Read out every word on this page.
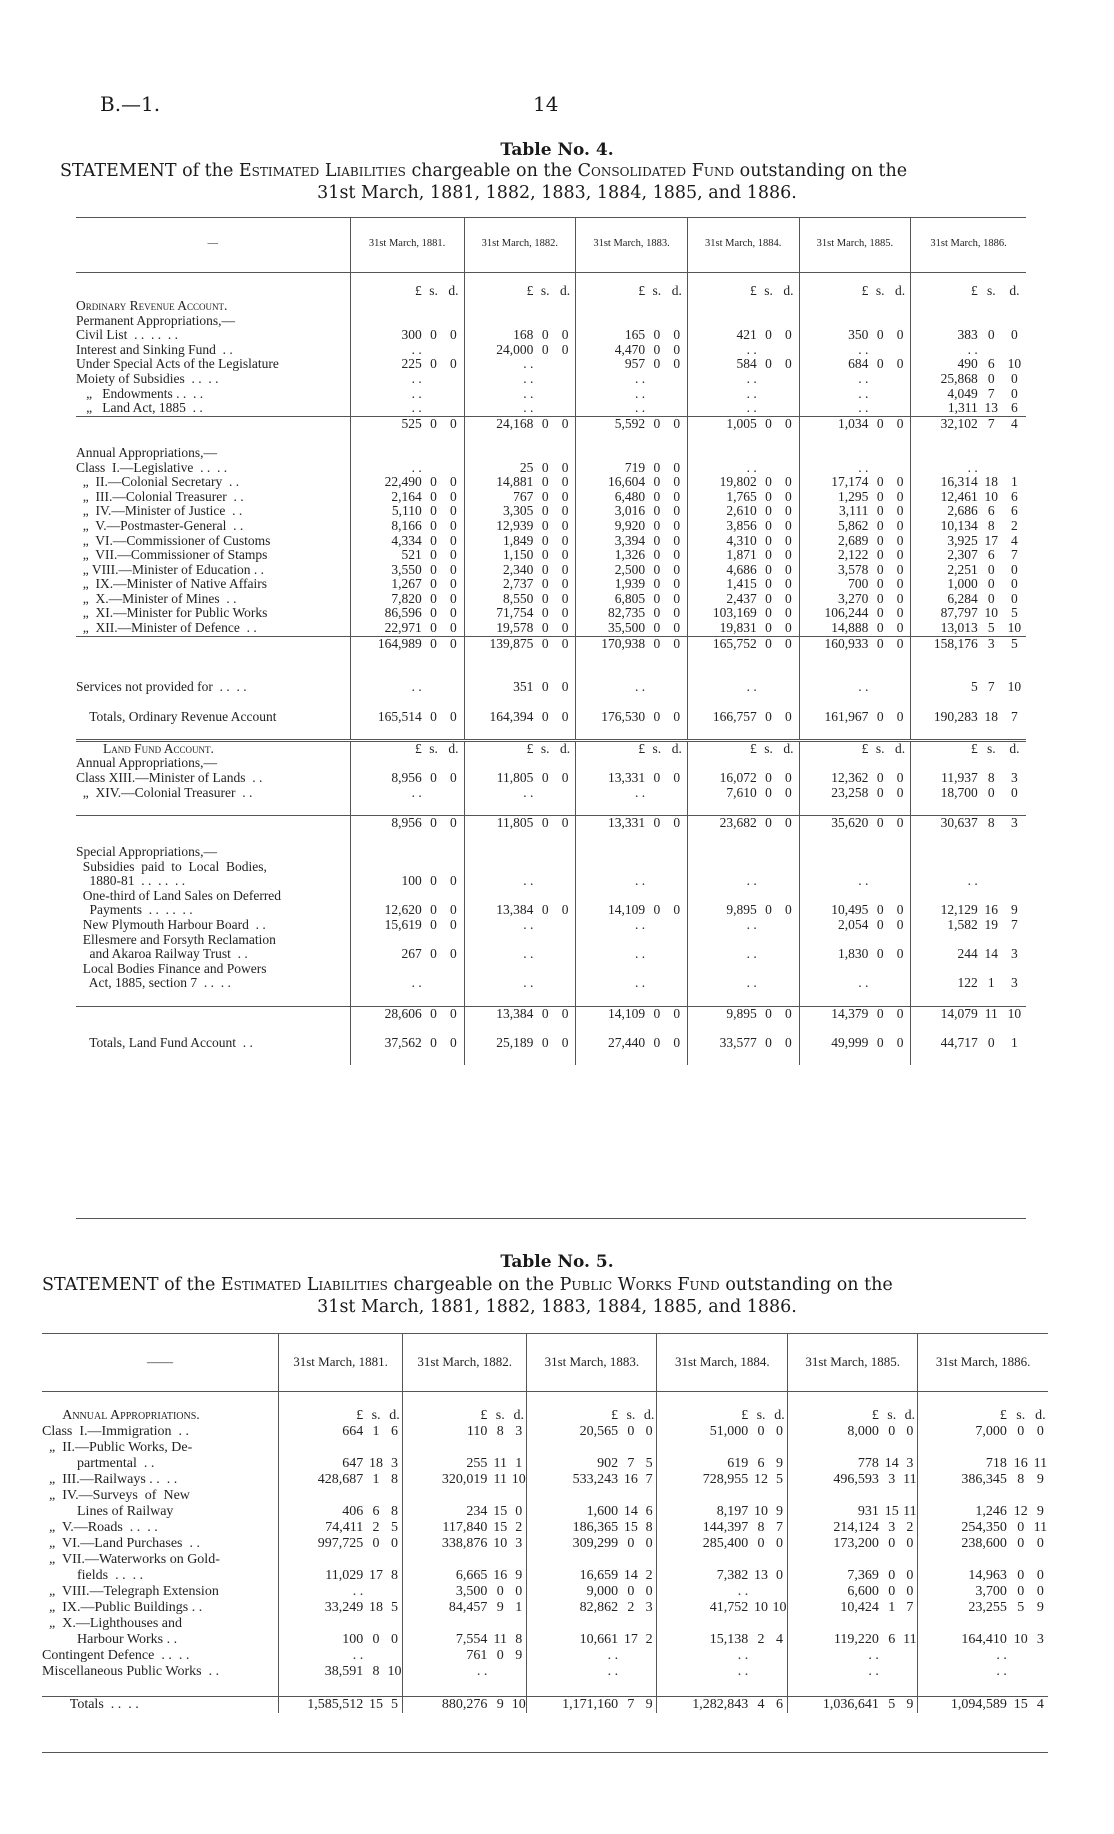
B.—1.	14
Table No. 4.
STATEMENT of the Estimated Liabilities chargeable on the Consolidated Fund outstanding on the
31st March, 1881, 1882, 1883, 1884, 1885, and 1886.
—	31st March, 1881.			31st March, 1882.			31st March, 1883.			31st March, 1884.			31st March, 1885.			31st March, 1886.		
	£	s.	d.	£	s.	d.	£	s.	d.	£	s.	d.	£	s.	d.	£	s.	d.
Ordinary Revenue Account.																		
Permanent Appropriations,—																		
Civil List  . .  . .  . .	300	0	0	168	0	0	165	0	0	421	0	0	350	0	0	383	0	0
Interest and Sinking Fund  . .	. .			24,000	0	0	4,470	0	0	. .			. .			. .		
Under Special Acts of the Legislature	225	0	0	. .			957	0	0	584	0	0	684	0	0	490	6	10
Moiety of Subsidies  . .  . .	. .			. .			. .			. .			. .			25,868	0	0
„   Endowments . .  . .	. .			. .			. .			. .			. .			4,049	7	0
„   Land Act, 1885  . .	. .			. .			. .			. .			. .			1,311	13	6
	525	0	0	24,168	0	0	5,592	0	0	1,005	0	0	1,034	0	0	32,102	7	4

Annual Appropriations,—																		
Class  I.—Legislative  . .  . .	. .			25	0	0	719	0	0	. .			. .			. .		
„  II.—Colonial Secretary  . .	22,490	0	0	14,881	0	0	16,604	0	0	19,802	0	0	17,174	0	0	16,314	18	1
„  III.—Colonial Treasurer  . .	2,164	0	0	767	0	0	6,480	0	0	1,765	0	0	1,295	0	0	12,461	10	6
„  IV.—Minister of Justice  . .	5,110	0	0	3,305	0	0	3,016	0	0	2,610	0	0	3,111	0	0	2,686	6	6
„  V.—Postmaster-General  . .	8,166	0	0	12,939	0	0	9,920	0	0	3,856	0	0	5,862	0	0	10,134	8	2
„  VI.—Commissioner of Customs	4,334	0	0	1,849	0	0	3,394	0	0	4,310	0	0	2,689	0	0	3,925	17	4
„  VII.—Commissioner of Stamps	521	0	0	1,150	0	0	1,326	0	0	1,871	0	0	2,122	0	0	2,307	6	7
„ VIII.—Minister of Education . .	3,550	0	0	2,340	0	0	2,500	0	0	4,686	0	0	3,578	0	0	2,251	0	0
„  IX.—Minister of Native Affairs	1,267	0	0	2,737	0	0	1,939	0	0	1,415	0	0	700	0	0	1,000	0	0
„  X.—Minister of Mines  . .	7,820	0	0	8,550	0	0	6,805	0	0	2,437	0	0	3,270	0	0	6,284	0	0
„  XI.—Minister for Public Works	86,596	0	0	71,754	0	0	82,735	0	0	103,169	0	0	106,244	0	0	87,797	10	5
„  XII.—Minister of Defence  . .	22,971	0	0	19,578	0	0	35,500	0	0	19,831	0	0	14,888	0	0	13,013	5	10
	164,989	0	0	139,875	0	0	170,938	0	0	165,752	0	0	160,933	0	0	158,176	3	5

Services not provided for  . .  . .	. .			351	0	0	. .			. .			. .			5	7	10

Totals, Ordinary Revenue Account	165,514	0	0	164,394	0	0	176,530	0	0	166,757	0	0	161,967	0	0	190,283	18	7

Land Fund Account.	£	s.	d.	£	s.	d.	£	s.	d.	£	s.	d.	£	s.	d.	£	s.	d.
Annual Appropriations,—																		
Class XIII.—Minister of Lands  . .	8,956	0	0	11,805	0	0	13,331	0	0	16,072	0	0	12,362	0	0	11,937	8	3
„  XIV.—Colonial Treasurer  . .	. .			. .			. .			7,610	0	0	23,258	0	0	18,700	0	0

	8,956	0	0	11,805	0	0	13,331	0	0	23,682	0	0	35,620	0	0	30,637	8	3

Special Appropriations,—																		
Subsidies  paid  to  Local  Bodies,																		
1880-81  . .  . .  . .	100	0	0	. .			. .			. .			. .			. .		
One-third of Land Sales on Deferred																		
Payments  . .  . .  . .	12,620	0	0	13,384	0	0	14,109	0	0	9,895	0	0	10,495	0	0	12,129	16	9
New Plymouth Harbour Board  . .	15,619	0	0	. .			. .			. .			2,054	0	0	1,582	19	7
Ellesmere and Forsyth Reclamation																		
and Akaroa Railway Trust  . .	267	0	0	. .			. .			. .			1,830	0	0	244	14	3
Local Bodies Finance and Powers																		
Act, 1885, section 7  . .  . .	. .			. .			. .			. .			. .			122	1	3

	28,606	0	0	13,384	0	0	14,109	0	0	9,895	0	0	14,379	0	0	14,079	11	10

Totals, Land Fund Account  . .	37,562	0	0	25,189	0	0	27,440	0	0	33,577	0	0	49,999	0	0	44,717	0	1

Table No. 5.
STATEMENT of the Estimated Liabilities chargeable on the Public Works Fund outstanding on the
31st March, 1881, 1882, 1883, 1884, 1885, and 1886.
——	31st March, 1881.			31st March, 1882.			31st March, 1883.			31st March, 1884.			31st March, 1885.			31st March, 1886.		

Annual Appropriations.	£	s.	d.	£	s.	d.	£	s.	d.	£	s.	d.	£	s.	d.	£	s.	d.
Class  I.—Immigration  . .	664	1	6	110	8	3	20,565	0	0	51,000	0	0	8,000	0	0	7,000	0	0
„  II.—Public Works, De-																		
partmental  . .	647	18	3	255	11	1	902	7	5	619	6	9	778	14	3	718	16	11
„  III.—Railways . .  . .	428,687	1	8	320,019	11	10	533,243	16	7	728,955	12	5	496,593	3	11	386,345	8	9
„  IV.—Surveys  of  New																		
Lines of Railway	406	6	8	234	15	0	1,600	14	6	8,197	10	9	931	15	11	1,246	12	9
„  V.—Roads  . .  . .	74,411	2	5	117,840	15	2	186,365	15	8	144,397	8	7	214,124	3	2	254,350	0	11
„  VI.—Land Purchases  . .	997,725	0	0	338,876	10	3	309,299	0	0	285,400	0	0	173,200	0	0	238,600	0	0
„  VII.—Waterworks on Gold-																		
fields  . .  . .	11,029	17	8	6,665	16	9	16,659	14	2	7,382	13	0	7,369	0	0	14,963	0	0
„  VIII.—Telegraph Extension	. .			3,500	0	0	9,000	0	0	. .			6,600	0	0	3,700	0	0
„  IX.—Public Buildings . .	33,249	18	5	84,457	9	1	82,862	2	3	41,752	10	10	10,424	1	7	23,255	5	9
„  X.—Lighthouses and																		
Harbour Works . .	100	0	0	7,554	11	8	10,661	17	2	15,138	2	4	119,220	6	11	164,410	10	3
Contingent Defence  . .  . .	. .			761	0	9	. .			. .			. .			. .		
Miscellaneous Public Works  . .	38,591	8	10	. .			. .			. .			. .			. .		

Totals  . .  . .	1,585,512	15	5	880,276	9	10	1,171,160	7	9	1,282,843	4	6	1,036,641	5	9	1,094,589	15	4
